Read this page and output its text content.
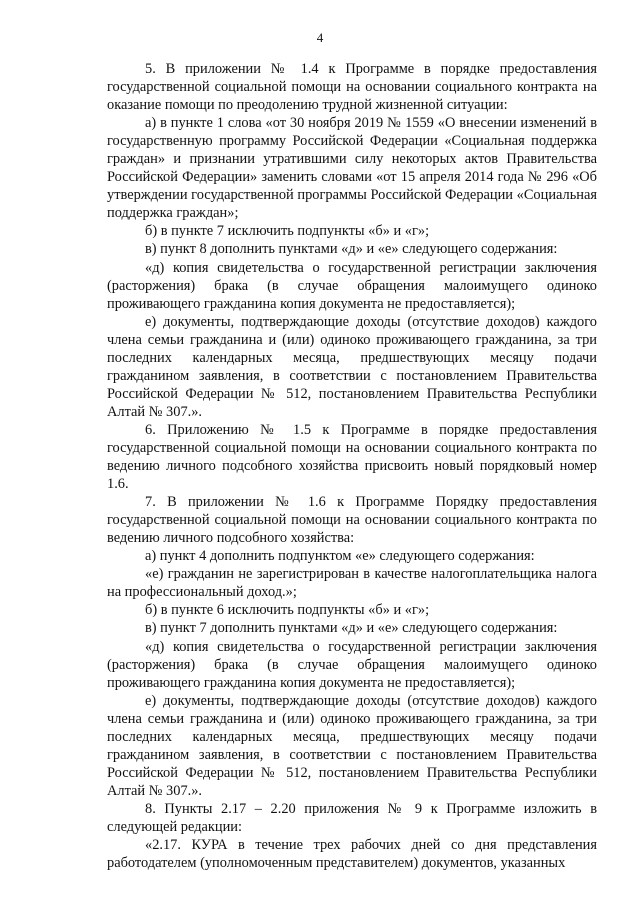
4

5. В приложении № 1.4 к Программе в порядке предоставления государственной социальной помощи на основании социального контракта на оказание помощи по преодолению трудной жизненной ситуации:

а) в пункте 1 слова «от 30 ноября 2019 № 1559 «О внесении изменений в государственную программу Российской Федерации «Социальная поддержка граждан» и признании утратившими силу некоторых актов Правительства Российской Федерации» заменить словами «от 15 апреля 2014 года № 296 «Об утверждении государственной программы Российской Федерации «Социальная поддержка граждан»;

б) в пункте 7 исключить подпункты «б» и «г»;

в) пункт 8 дополнить пунктами «д» и «е» следующего содержания:

«д) копия свидетельства о государственной регистрации заключения (расторжения) брака (в случае обращения малоимущего одиноко проживающего гражданина копия документа не предоставляется);

е) документы, подтверждающие доходы (отсутствие доходов) каждого члена семьи гражданина и (или) одиноко проживающего гражданина, за три последних календарных месяца, предшествующих месяцу подачи гражданином заявления, в соответствии с постановлением Правительства Российской Федерации № 512, постановлением Правительства Республики Алтай № 307.».

6. Приложению № 1.5 к Программе в порядке предоставления государственной социальной помощи на основании социального контракта по ведению личного подсобного хозяйства присвоить новый порядковый номер 1.6.

7. В приложении № 1.6 к Программе Порядку предоставления государственной социальной помощи на основании социального контракта по ведению личного подсобного хозяйства:

а) пункт 4 дополнить подпунктом «е» следующего содержания:

«е) гражданин не зарегистрирован в качестве налогоплательщика налога на профессиональный доход.»;

б) в пункте 6 исключить подпункты «б» и «г»;

в) пункт 7 дополнить пунктами «д» и «е» следующего содержания:

«д) копия свидетельства о государственной регистрации заключения (расторжения) брака (в случае обращения малоимущего одиноко проживающего гражданина копия документа не предоставляется);

е) документы, подтверждающие доходы (отсутствие доходов) каждого члена семьи гражданина и (или) одиноко проживающего гражданина, за три последних календарных месяца, предшествующих месяцу подачи гражданином заявления, в соответствии с постановлением Правительства Российской Федерации № 512, постановлением Правительства Республики Алтай № 307.».

8. Пункты 2.17 – 2.20 приложения № 9 к Программе изложить в следующей редакции:

«2.17. КУРА в течение трех рабочих дней со дня представления работодателем (уполномоченным представителем) документов, указанных
